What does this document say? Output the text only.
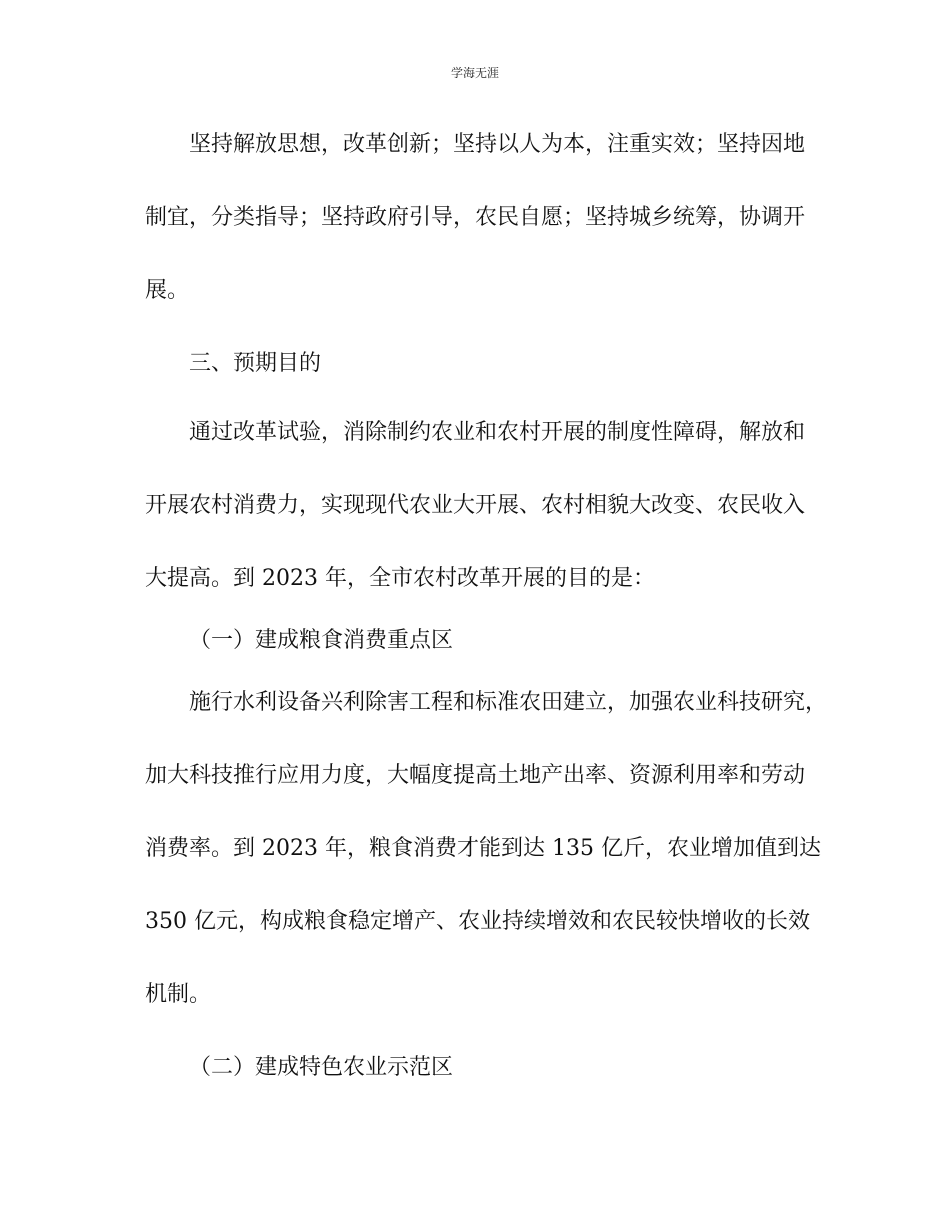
学海无涯
坚持解放思想，改革创新；坚持以人为本，注重实效；坚持因地
制宜，分类指导；坚持政府引导，农民自愿；坚持城乡统筹，协调开
展。
三、预期目的
通过改革试验，消除制约农业和农村开展的制度性障碍，解放和
开展农村消费力，实现现代农业大开展、农村相貌大改变、农民收入
大提高。到 2023 年，全市农村改革开展的目的是：
（一）建成粮食消费重点区
施行水利设备兴利除害工程和标准农田建立，加强农业科技研究，
加大科技推行应用力度，大幅度提高土地产出率、资源利用率和劳动
消费率。到 2023 年，粮食消费才能到达 135 亿斤，农业增加值到达
350 亿元，构成粮食稳定增产、农业持续增效和农民较快增收的长效
机制。
（二）建成特色农业示范区
